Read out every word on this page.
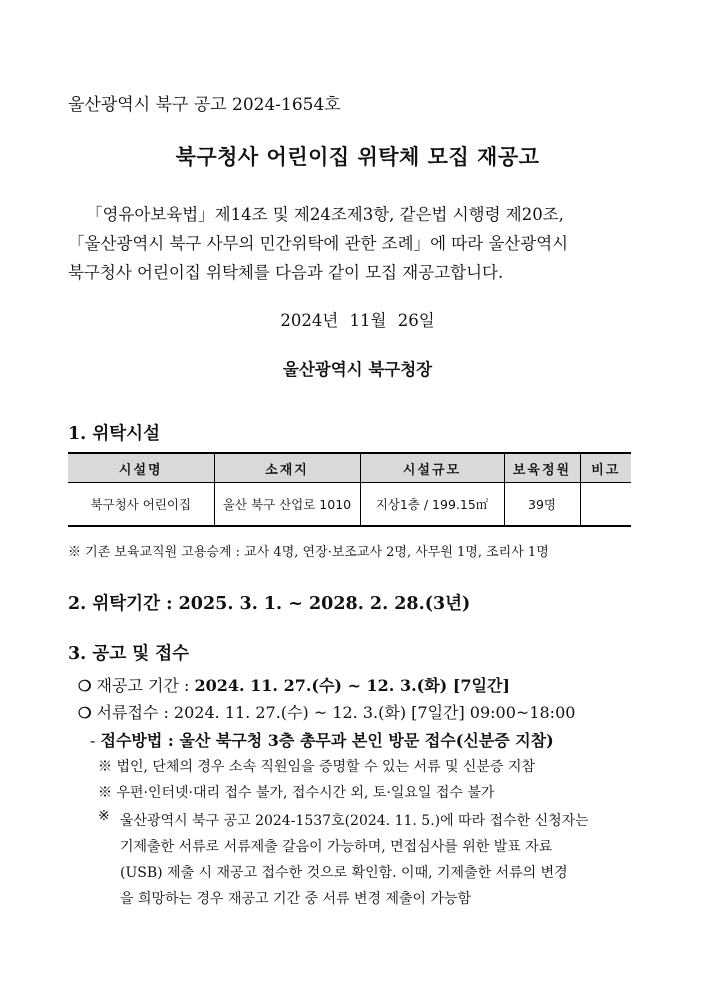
울산광역시 북구 공고 2024-1654호
북구청사 어린이집 위탁체 모집 재공고
「영유아보육법」제14조 및 제24조제3항, 같은법 시행령 제20조,
「울산광역시 북구 사무의 민간위탁에 관한 조례」에 따라 울산광역시
북구청사 어린이집 위탁체를 다음과 같이 모집 재공고합니다.
2024년 11월 26일
울산광역시 북구청장
1. 위탁시설
시설명	소재지	시설규모	보육정원	비고
북구청사 어린이집	울산 북구 산업로 1010	지상1층 / 199.15㎡	39명	
※ 기존 보육교직원 고용승계 : 교사 4명, 연장·보조교사 2명, 사무원 1명, 조리사 1명
2. 위탁기간 : 2025. 3. 1. ~ 2028. 2. 28.(3년)
3. 공고 및 접수
❍ 재공고 기간 : 2024. 11. 27.(수) ~ 12. 3.(화) [7일간]
❍ 서류접수 : 2024. 11. 27.(수) ~ 12. 3.(화) [7일간] 09:00~18:00
- 접수방법 : 울산 북구청 3층 총무과 본인 방문 접수(신분증 지참)
※ 법인, 단체의 경우 소속 직원임을 증명할 수 있는 서류 및 신분증 지참
※ 우편·인터넷·대리 접수 불가, 접수시간 외, 토·일요일 접수 불가
※ 울산광역시 북구 공고 2024-1537호(2024. 11. 5.)에 따라 접수한 신청자는
기제출한 서류로 서류제출 갈음이 가능하며, 면접심사를 위한 발표 자료
(USB) 제출 시 재공고 접수한 것으로 확인함. 이때, 기제출한 서류의 변경
을 희망하는 경우 재공고 기간 중 서류 변경 제출이 가능함
